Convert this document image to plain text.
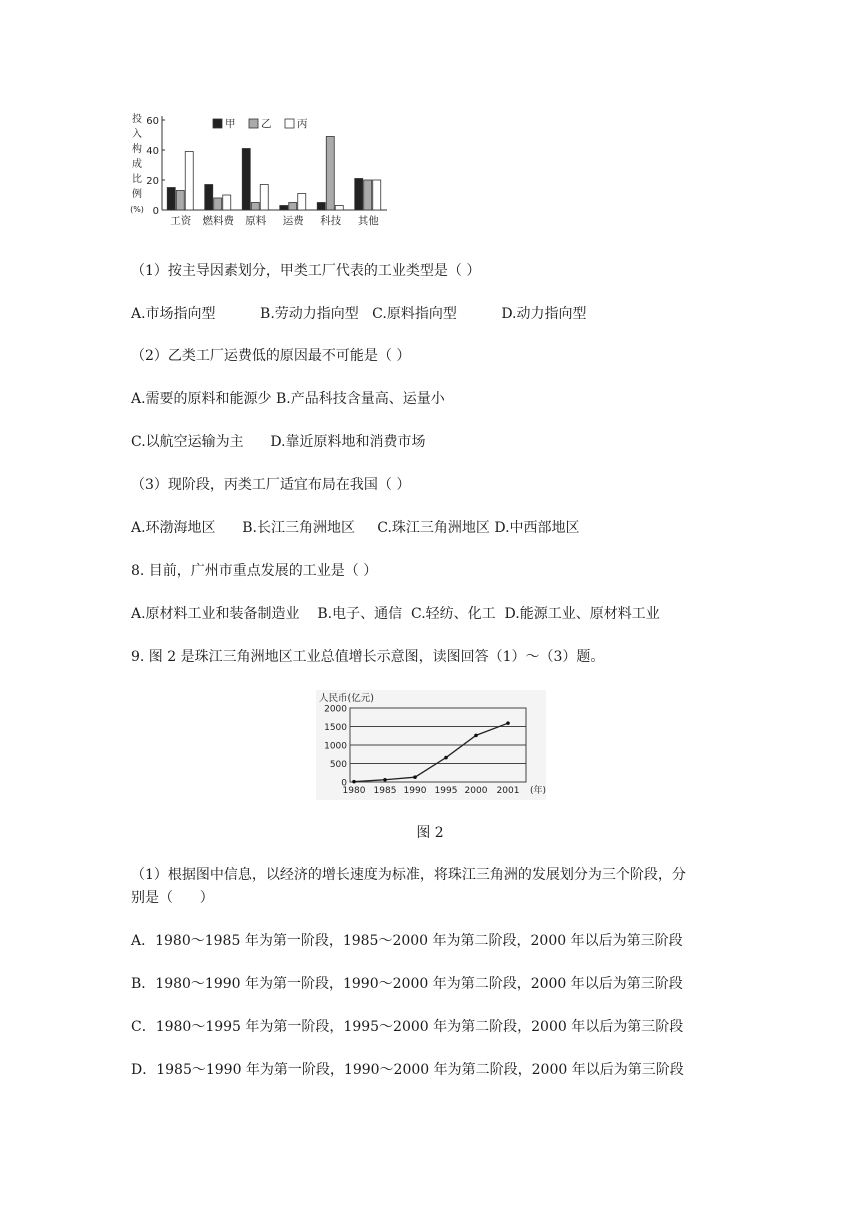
投
入
构
成
比
例
(%) 0
20
40
60
工资 燃料费 原料 运费 科技 其他
甲 乙 丙
（1）按主导因素划分，甲类工厂代表的工业类型是（ ）
A.市场指向型          B.劳动力指向型   C.原料指向型          D.动力指向型
（2）乙类工厂运费低的原因最不可能是（ ）
A.需要的原料和能源少 B.产品科技含量高、运量小
C.以航空运输为主      D.靠近原料地和消费市场
（3）现阶段，丙类工厂适宜布局在我国（ ）
A.环渤海地区      B.长江三角洲地区     C.珠江三角洲地区 D.中西部地区
8. 目前，广州市重点发展的工业是（ ）
A.原材料工业和装备制造业    B.电子、通信  C.轻纺、化工  D.能源工业、原材料工业
9. 图 2 是珠江三角洲地区工业总值增长示意图，读图回答（1）～（3）题。
人民币(亿元)
0
500
1000
1500
2000
1980 1985 1990 1995 2000 2001 (年)
图 2
（1）根据图中信息，以经济的增长速度为标准，将珠江三角洲的发展划分为三个阶段，分
别是（      ）
A．1980～1985 年为第一阶段，1985～2000 年为第二阶段，2000 年以后为第三阶段
B．1980～1990 年为第一阶段，1990～2000 年为第二阶段，2000 年以后为第三阶段
C．1980～1995 年为第一阶段，1995～2000 年为第二阶段，2000 年以后为第三阶段
D．1985～1990 年为第一阶段，1990～2000 年为第二阶段，2000 年以后为第三阶段
